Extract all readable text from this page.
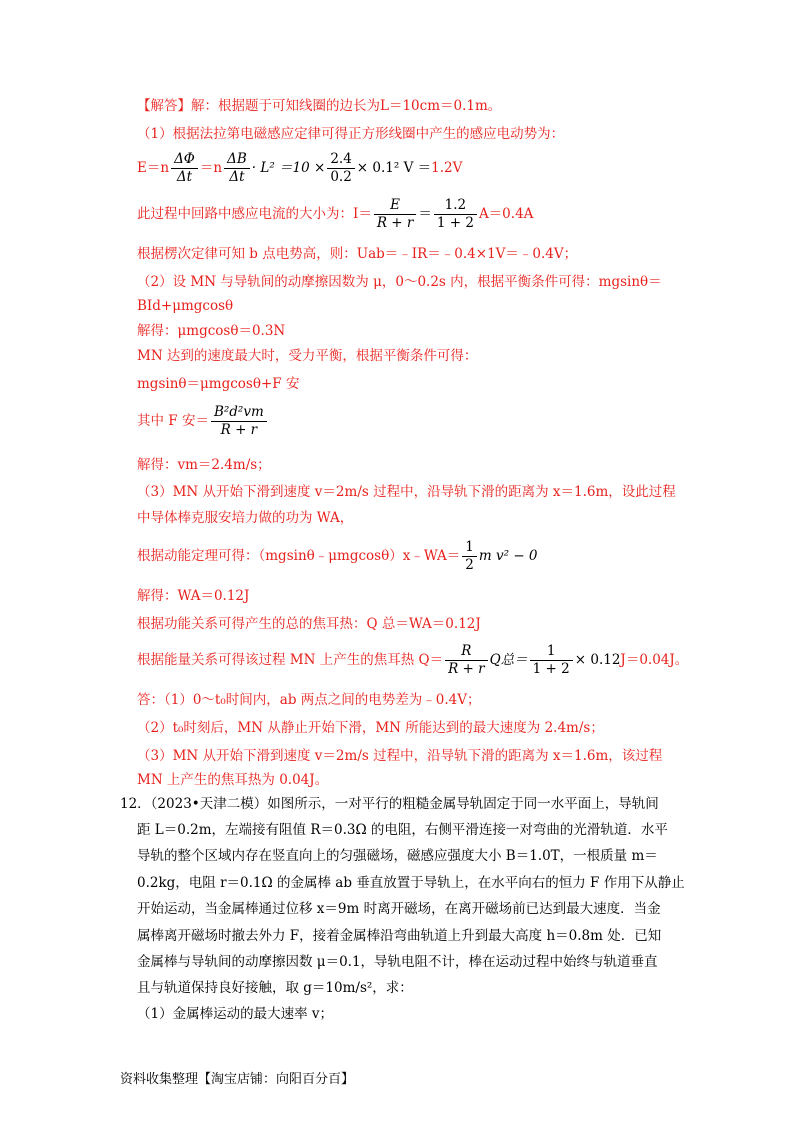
【解答】解：根据题于可知线圈的边长为L＝10cm＝0.1m。
（1）根据法拉第电磁感应定律可得正方形线圈中产生的感应电动势为：
$E=n \frac{\Delta\Phi}{\Delta t} =n \frac{\Delta B}{\Delta t} \cdot L^2 =10 \times \frac{2.4}{0.2} \times 0.1^2$ V ＝1.2V
此过程中回路中感应电流的大小为：$I= \frac{E}{R + r} = \frac{1.2}{1 + 2} A=0.4A$
根据楞次定律可知 b 点电势高，则：Uab＝﹣IR＝﹣0.4×1V＝﹣0.4V；
（2）设 MN 与导轨间的动摩擦因数为 μ，0～0.2s 内，根据平衡条件可得：mgsinθ＝
BId+μmgcosθ
解得：μmgcosθ＝0.3N
MN 达到的速度最大时，受力平衡，根据平衡条件可得：
mgsinθ＝μmgcosθ+F 安
其中 F 安＝ $\frac{\text{B²d²vm}}{R + r}$
解得：vm＝2.4m/s；
（3）MN 从开始下滑到速度 v＝2m/s 过程中，沿导轨下滑的距离为 x＝1.6m，设此过程
中导体棒克服安培力做的功为 WA，
根据动能定理可得：（mgsinθ﹣μmgcosθ）x﹣WA＝ $\frac{1}{2}$ m v² − 0
解得：WA＝0.12J
根据功能关系可得产生的总的焦耳热：Q 总＝WA＝0.12J
根据能量关系可得该过程 MN 上产生的焦耳热 $Q= \frac{R}{R + r}$ Q总＝ $\frac{1}{1 + 2} \times 0.12J=0.04J$。
答：（1）0～t₀时间内，ab 两点之间的电势差为﹣0.4V；
（2）t₀时刻后，MN 从静止开始下滑，MN 所能达到的最大速度为 2.4m/s；
（3）MN 从开始下滑到速度 v＝2m/s 过程中，沿导轨下滑的距离为 x＝1.6m，该过程
MN 上产生的焦耳热为 0.04J。
12．（2023•天津二模）如图所示，一对平行的粗糙金属导轨固定于同一水平面上，导轨间
距 L＝0.2m，左端接有阻值 R＝0.3Ω 的电阻，右侧平滑连接一对弯曲的光滑轨道．水平
导轨的整个区域内存在竖直向上的匀强磁场，磁感应强度大小 B＝1.0T，一根质量 m＝
0.2kg，电阻 r＝0.1Ω 的金属棒 ab 垂直放置于导轨上，在水平向右的恒力 F 作用下从静止
开始运动，当金属棒通过位移 x＝9m 时离开磁场，在离开磁场前已达到最大速度．当金
属棒离开磁场时撤去外力 F，接着金属棒沿弯曲轨道上升到最大高度 h＝0.8m 处．已知
金属棒与导轨间的动摩擦因数 μ＝0.1，导轨电阻不计，棒在运动过程中始终与轨道垂直
且与轨道保持良好接触，取 g＝10m/s²，求：
（1）金属棒运动的最大速率 v；
资料收集整理【淘宝店铺：向阳百分百】
